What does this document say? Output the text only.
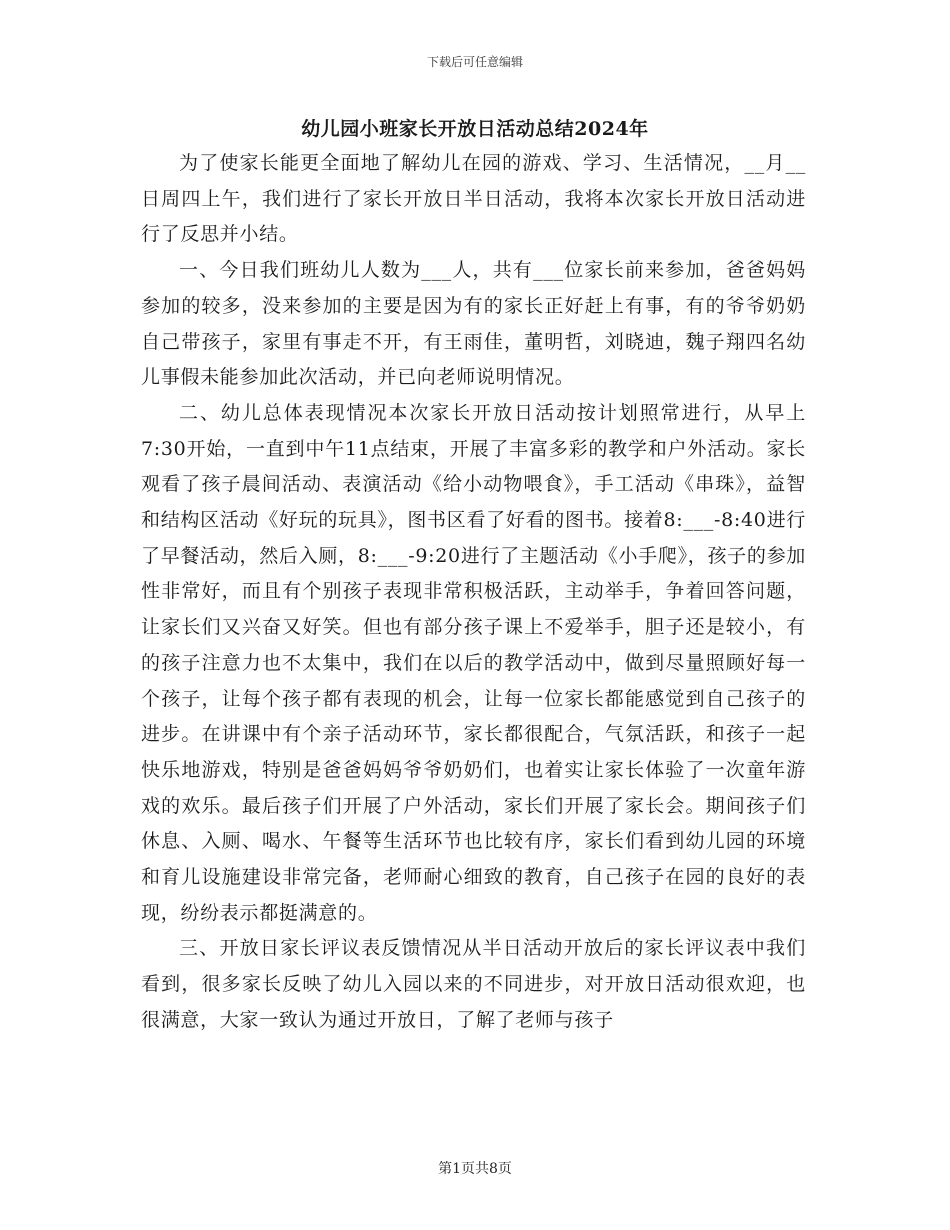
下载后可任意编辑
幼儿园小班家长开放日活动总结2024年

为了使家长能更全面地了解幼儿在园的游戏、学习、生活情况，__月__日周四上午，我们进行了家长开放日半日活动，我将本次家长开放日活动进行了反思并小结。

一、今日我们班幼儿人数为___人，共有___位家长前来参加，爸爸妈妈参加的较多，没来参加的主要是因为有的家长正好赶上有事，有的爷爷奶奶自己带孩子，家里有事走不开，有王雨佳，董明哲，刘晓迪，魏子翔四名幼儿事假未能参加此次活动，并已向老师说明情况。

二、幼儿总体表现情况本次家长开放日活动按计划照常进行，从早上7:30开始，一直到中午11点结束，开展了丰富多彩的教学和户外活动。家长观看了孩子晨间活动、表演活动《给小动物喂食》，手工活动《串珠》，益智和结构区活动《好玩的玩具》，图书区看了好看的图书。接着8:___-8:40进行了早餐活动，然后入厕，8:___-9:20进行了主题活动《小手爬》，孩子的参加性非常好，而且有个别孩子表现非常积极活跃，主动举手，争着回答问题，让家长们又兴奋又好笑。但也有部分孩子课上不爱举手，胆子还是较小，有的孩子注意力也不太集中，我们在以后的教学活动中，做到尽量照顾好每一个孩子，让每个孩子都有表现的机会，让每一位家长都能感觉到自己孩子的进步。在讲课中有个亲子活动环节，家长都很配合，气氛活跃，和孩子一起快乐地游戏，特别是爸爸妈妈爷爷奶奶们，也着实让家长体验了一次童年游戏的欢乐。最后孩子们开展了户外活动，家长们开展了家长会。期间孩子们休息、入厕、喝水、午餐等生活环节也比较有序，家长们看到幼儿园的环境和育儿设施建设非常完备，老师耐心细致的教育，自己孩子在园的良好的表现，纷纷表示都挺满意的。

三、开放日家长评议表反馈情况从半日活动开放后的家长评议表中我们看到，很多家长反映了幼儿入园以来的不同进步，对开放日活动很欢迎，也很满意，大家一致认为通过开放日，了解了老师与孩子

第1页共8页
